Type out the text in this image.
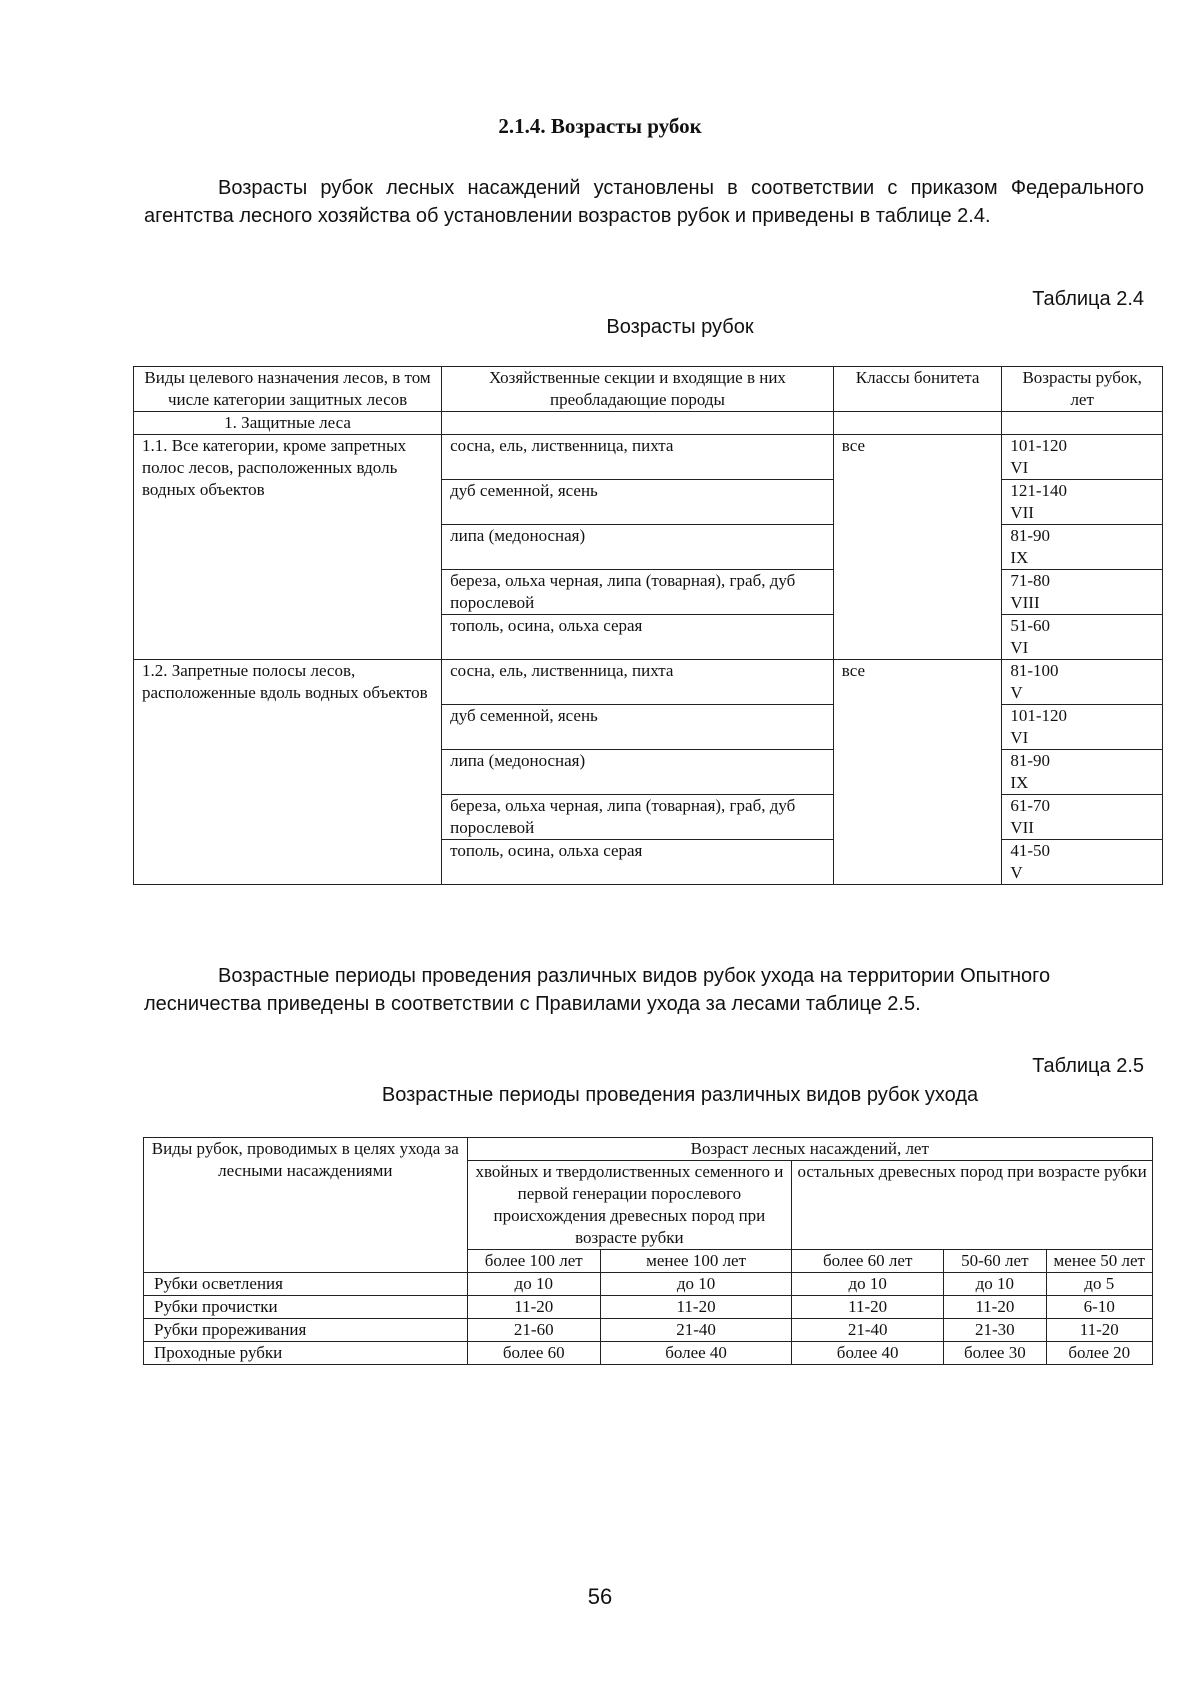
2.1.4. Возрасты рубок

Возрасты рубок лесных насаждений установлены в соответствии с приказом Федерального агентства лесного хозяйства об установлении возрастов рубок и приведены в таблице 2.4.

Таблица 2.4
Возрасты рубок
Виды целевого назначения лесов, в том числе категории защитных лесов	Хозяйственные секции и входящие в них преобладающие породы	Классы бонитета	Возрасты рубок, лет
1. Защитные леса			
1.1. Все категории, кроме запретных полос лесов, расположенных вдоль водных объектов	сосна, ель, лиственница, пихта	все	101-120
VI

	дуб семенной, ясень		121-140
VII

	липа (медоносная)		81-90
IX

	береза, ольха черная, липа (товарная), граб, дуб порослевой		71-80
VIII

	тополь, осина, ольха серая		51-60
VI

1.2. Запретные полосы лесов, расположенные вдоль водных объектов	сосна, ель, лиственница, пихта	все	81-100
V

	дуб семенной, ясень		101-120
VI

	липа (медоносная)		81-90
IX

	береза, ольха черная, липа (товарная), граб, дуб порослевой		61-70
VII

	тополь, осина, ольха серая		41-50
V

Возрастные периоды проведения различных видов рубок ухода на территории Опытного лесничества приведены в соответствии с Правилами ухода за лесами таблице 2.5.

Таблица 2.5
Возрастные периоды проведения различных видов рубок ухода
Виды рубок, проводимых в целях ухода за лесными насаждениями	Возраст лесных насаждений, лет				
	хвойных и твердолиственных семенного и первой генерации порослевого происхождения древесных пород при возрасте рубки		остальных древесных пород при возрасте рубки		
	более 100 лет	менее 100 лет	более 60 лет	50-60 лет	менее 50 лет
Рубки осветления	до 10	до 10	до 10	до 10	до 5
Рубки прочистки	11-20	11-20	11-20	11-20	6-10
Рубки прореживания	21-60	21-40	21-40	21-30	11-20
Проходные рубки	более 60	более 40	более 40	более 30	более 20
56
